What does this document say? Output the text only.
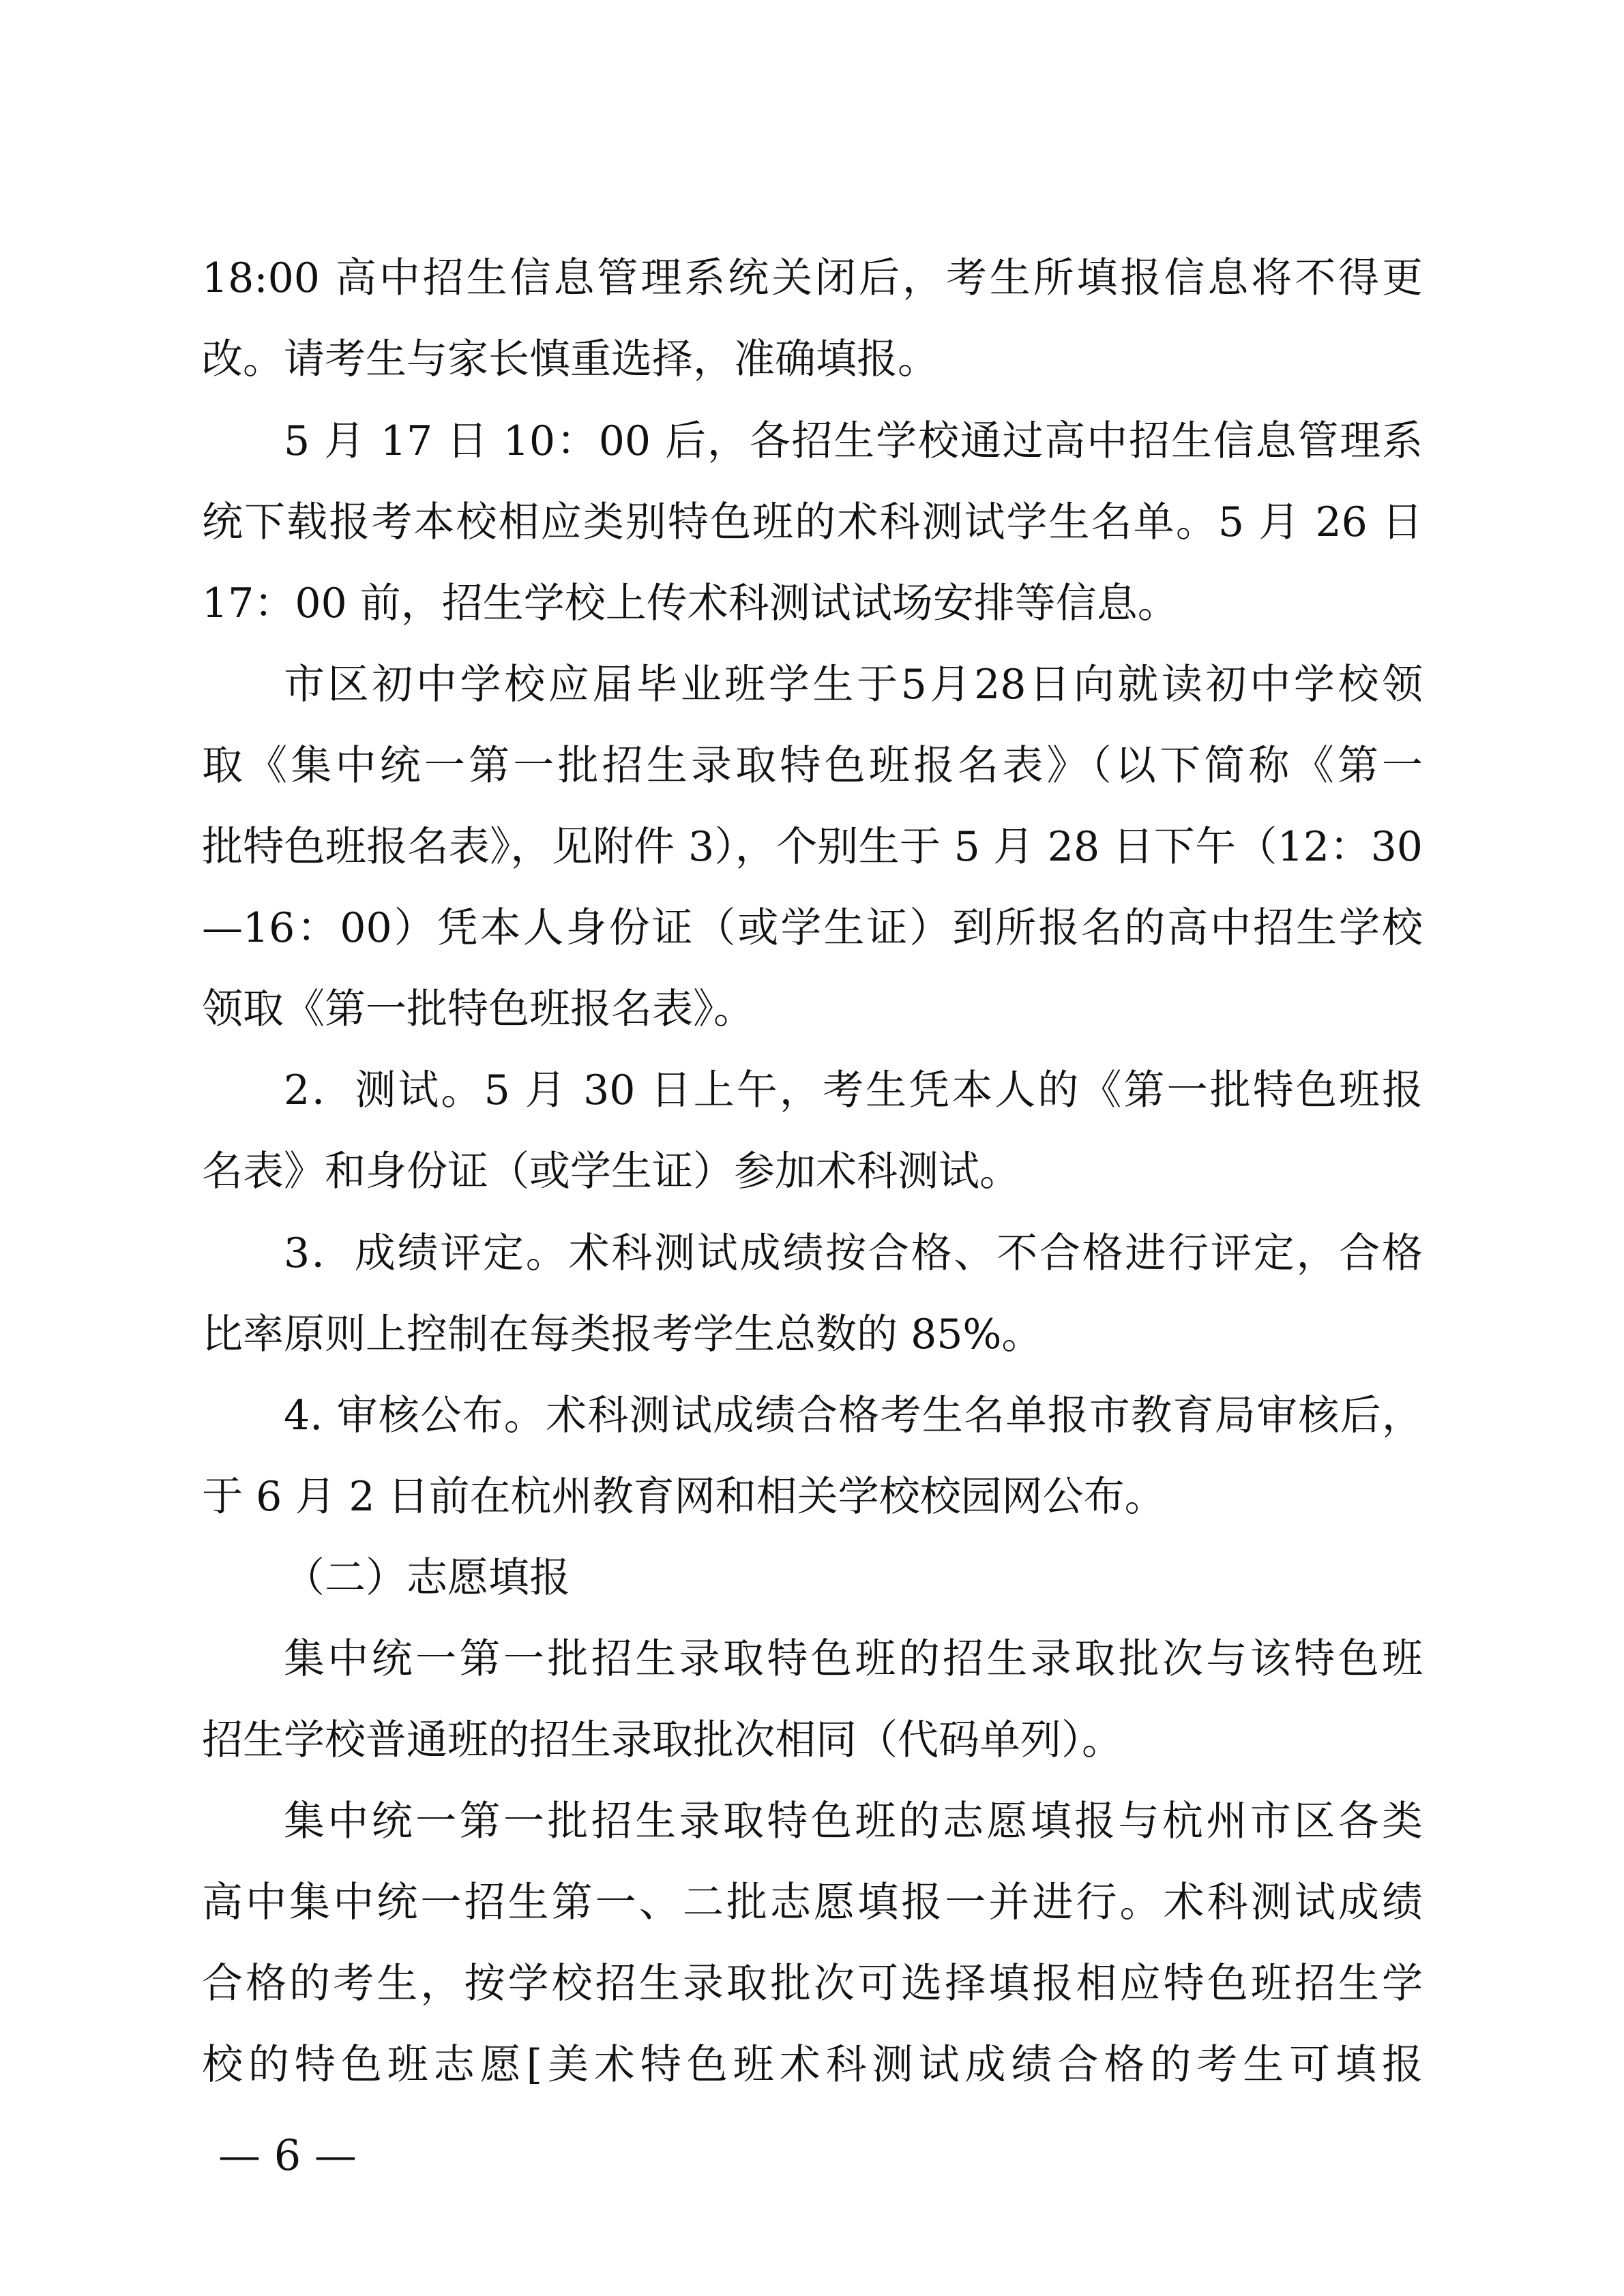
18:00 高中招生信息管理系统关闭后，考生所填报信息将不得更
改。请考生与家长慎重选择，准确填报。
5 月 17 日 10：00 后，各招生学校通过高中招生信息管理系
统下载报考本校相应类别特色班的术科测试学生名单。5 月 26 日
17：00 前，招生学校上传术科测试试场安排等信息。
市区初中学校应届毕业班学生于5月28日向就读初中学校领
取《集中统一第一批招生录取特色班报名表》（以下简称《第一
批特色班报名表》，见附件 3），个别生于 5 月 28 日下午（12：30
—16：00）凭本人身份证（或学生证）到所报名的高中招生学校
领取《第一批特色班报名表》。
2．测试。5 月 30 日上午，考生凭本人的《第一批特色班报
名表》和身份证（或学生证）参加术科测试。
3．成绩评定。术科测试成绩按合格、不合格进行评定，合格
比率原则上控制在每类报考学生总数的 85%。
4. 审核公布。术科测试成绩合格考生名单报市教育局审核后，
于 6 月 2 日前在杭州教育网和相关学校校园网公布。
（二）志愿填报
集中统一第一批招生录取特色班的招生录取批次与该特色班
招生学校普通班的招生录取批次相同（代码单列）。
集中统一第一批招生录取特色班的志愿填报与杭州市区各类
高中集中统一招生第一、二批志愿填报一并进行。术科测试成绩
合格的考生，按学校招生录取批次可选择填报相应特色班招生学
校的特色班志愿[美术特色班术科测试成绩合格的考生可填报
— 6 —
